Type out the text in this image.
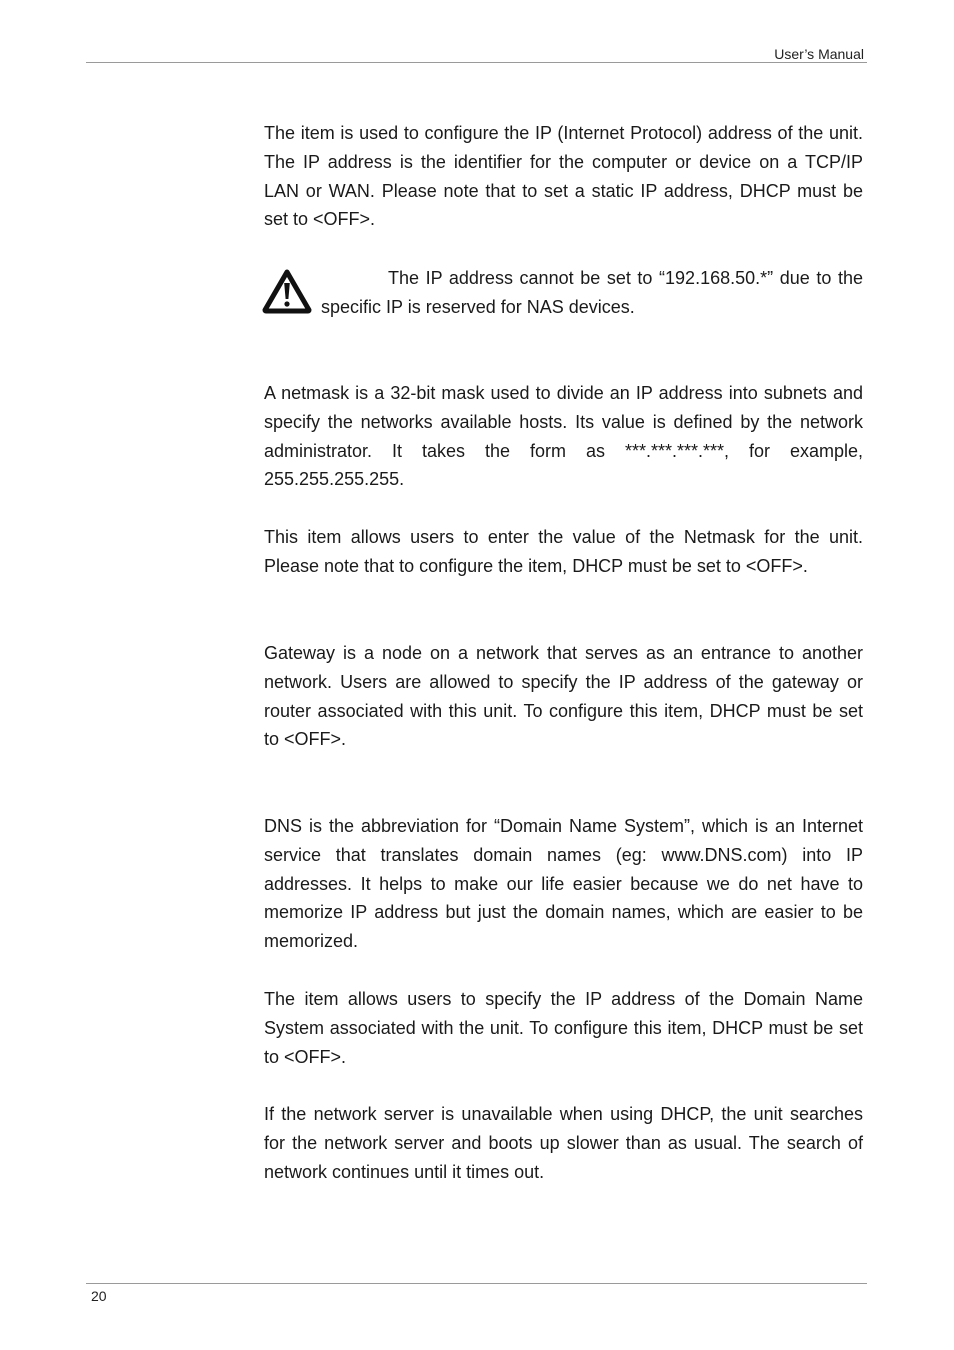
User’s Manual

The item is used to configure the IP (Internet Protocol) address of the unit. The IP address is the identifier for the computer or device on a TCP/IP LAN or WAN. Please note that to set a static IP address, DHCP must be set to <OFF>.

The IP address cannot be set to “192.168.50.*” due to the specific IP is reserved for NAS devices.

A netmask is a 32-bit mask used to divide an IP address into subnets and specify the networks available hosts. Its value is defined by the network administrator. It takes the form as ***.***.***.***, for example, 255.255.255.255.

This item allows users to enter the value of the Netmask for the unit. Please note that to configure the item, DHCP must be set to <OFF>.

Gateway is a node on a network that serves as an entrance to another network. Users are allowed to specify the IP address of the gateway or router associated with this unit. To configure this item, DHCP must be set to <OFF>.

DNS is the abbreviation for “Domain Name System”, which is an Internet service that translates domain names (eg: www.DNS.com) into IP addresses. It helps to make our life easier because we do net have to memorize IP address but just the domain names, which are easier to be memorized.

The item allows users to specify the IP address of the Domain Name System associated with the unit. To configure this item, DHCP must be set to <OFF>.

If the network server is unavailable when using DHCP, the unit searches for the network server and boots up slower than as usual. The search of network continues until it times out.

20
